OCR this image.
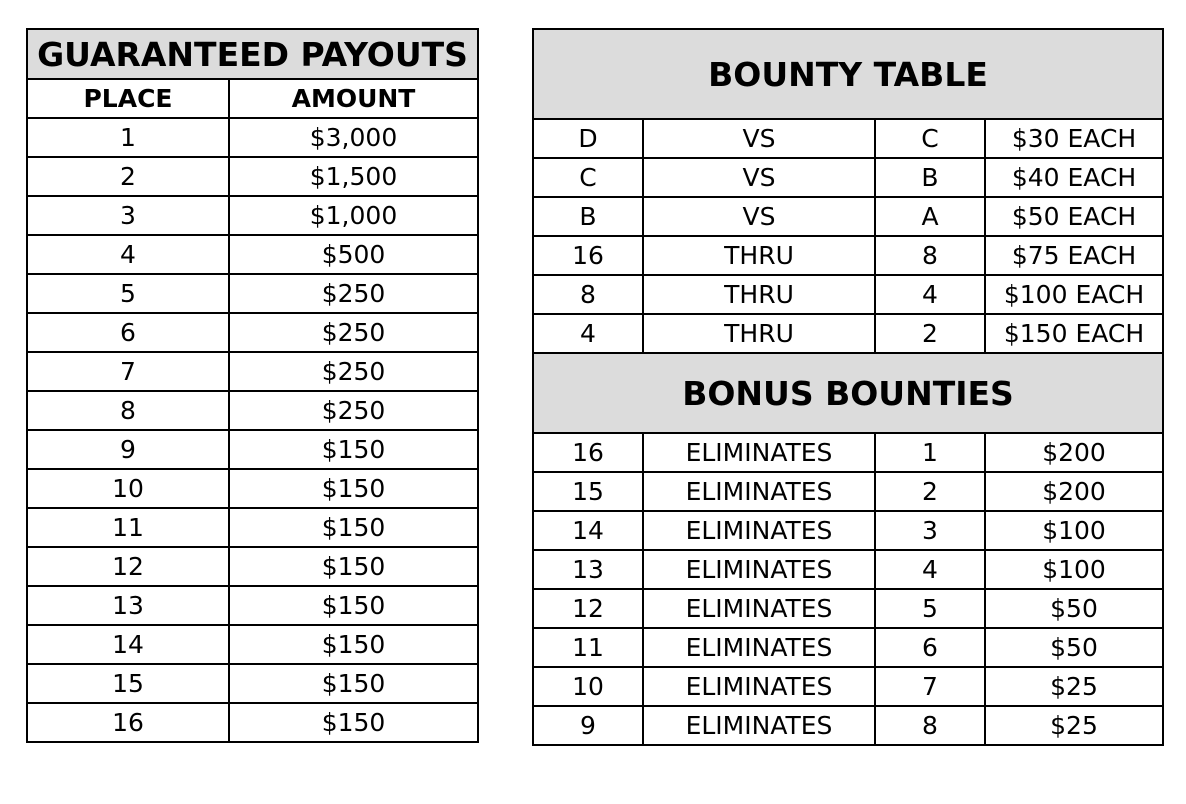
GUARANTEED PAYOUTS	
PLACE	AMOUNT
1	$3,000
2	$1,500
3	$1,000
4	$500
5	$250
6	$250
7	$250
8	$250
9	$150
10	$150
11	$150
12	$150
13	$150
14	$150
15	$150
16	$150
BOUNTY TABLE			
D	VS	C	$30 EACH
C	VS	B	$40 EACH
B	VS	A	$50 EACH
16	THRU	8	$75 EACH
8	THRU	4	$100 EACH
4	THRU	2	$150 EACH
BONUS BOUNTIES			
16	ELIMINATES	1	$200
15	ELIMINATES	2	$200
14	ELIMINATES	3	$100
13	ELIMINATES	4	$100
12	ELIMINATES	5	$50
11	ELIMINATES	6	$50
10	ELIMINATES	7	$25
9	ELIMINATES	8	$25
